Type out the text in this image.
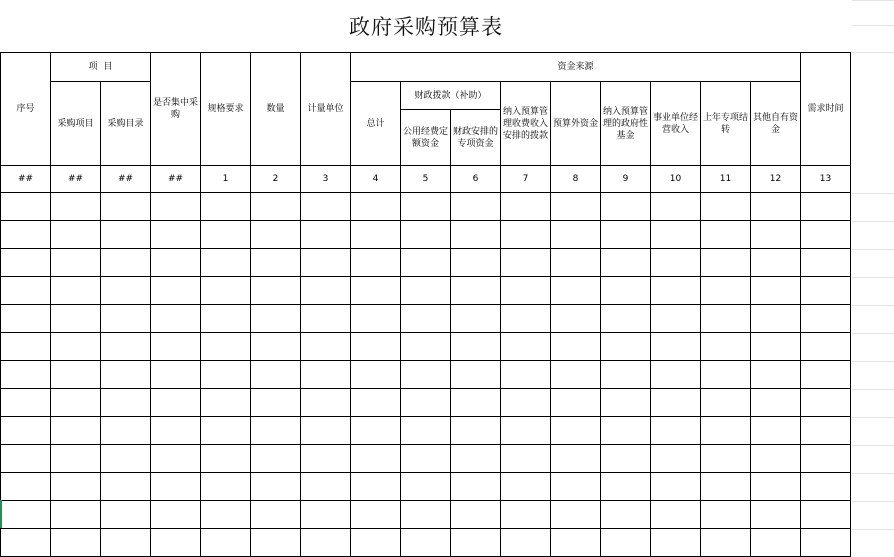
政府采购预算表
序号	项  目		是否集中采购	规格要求	数量	计量单位	资金来源									需求时间
	采购项目	采购目录					总计	财政拨款（补助）		纳入预算管理收费收入安排的拨款	预算外资金	纳入预算管理的政府性基金	事业单位经营收入	上年专项结转	其他自有资金	
								公用经费定额资金	财政安排的专项资金							
##	##	##	##	1	2	3	4	5	6	7	8	9	10	11	12	13
